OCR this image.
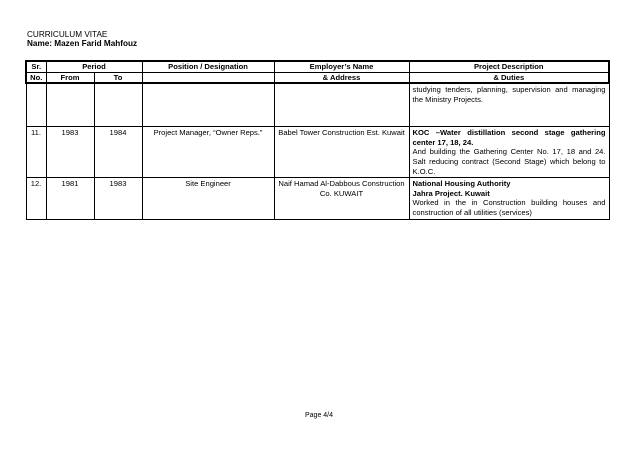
CURRICULUM VITAE
Name: Mazen Farid Mahfouz
Sr.	Period		Position / Designation	Employer’s Name	Project Description
No.	From	To		& Address	& Duties
					studying tenders, planning, supervision and managing the Ministry Projects.
11.	1983	1984	Project Manager, “Owner Reps.”	Babel Tower Construction Est. Kuwait	KOC –Water distillation second stage gathering center 17, 18, 24.
And building the Gathering Center No. 17, 18 and 24. Salt reducing contract (Second Stage) which belong to K.O.C.

12.	1981	1983	Site Engineer	Naif Hamad Al-Dabbous Construction Co. KUWAIT	National Housing Authority
Jahra Project. Kuwait
Worked in the in Construction building houses and construction of all utilities (services)
Page 4/4
